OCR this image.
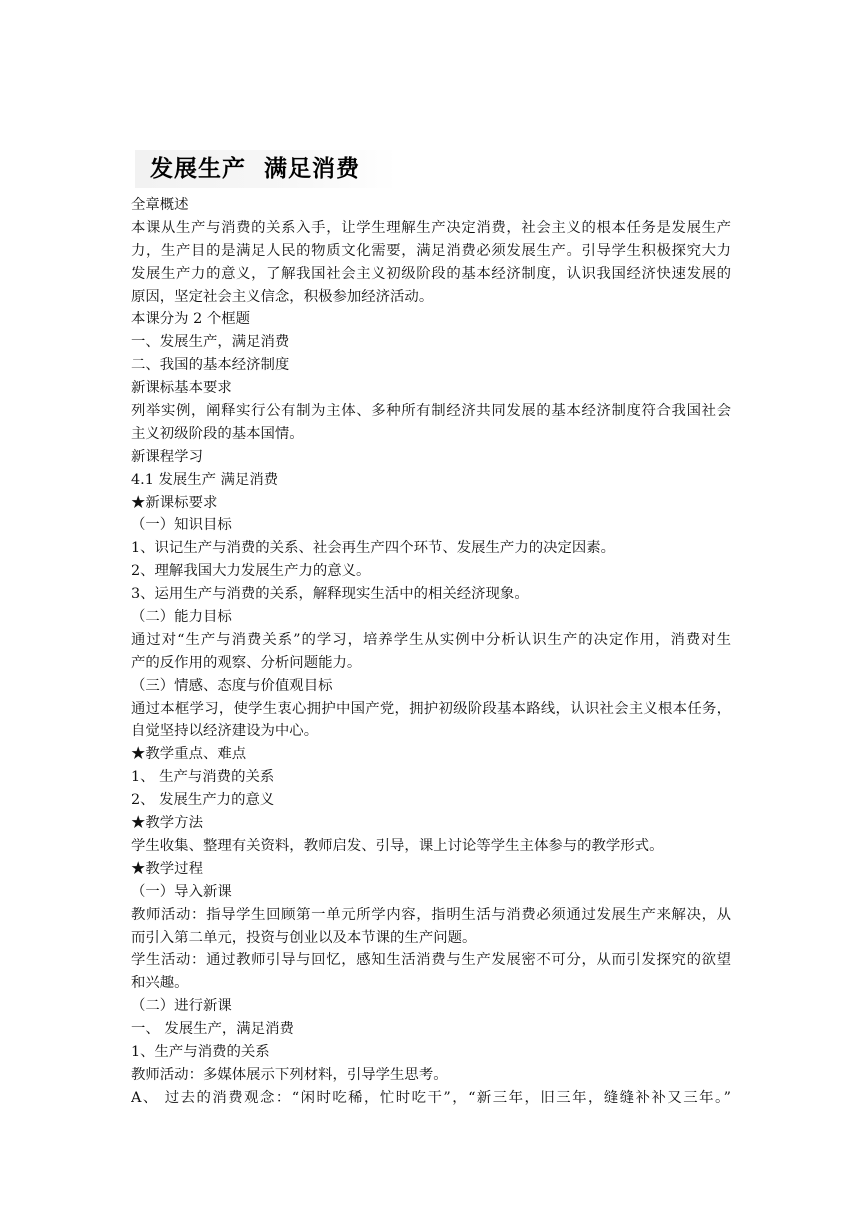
发展生产  满足消费
全章概述
本课从生产与消费的关系入手，让学生理解生产决定消费，社会主义的根本任务是发展生产
力，生产目的是满足人民的物质文化需要，满足消费必须发展生产。引导学生积极探究大力
发展生产力的意义，了解我国社会主义初级阶段的基本经济制度，认识我国经济快速发展的
原因，坚定社会主义信念，积极参加经济活动。
本课分为 2 个框题
一、发展生产，满足消费
二、我国的基本经济制度
新课标基本要求
列举实例，阐释实行公有制为主体、多种所有制经济共同发展的基本经济制度符合我国社会
主义初级阶段的基本国情。
新课程学习
4.1 发展生产 满足消费
★新课标要求
（一）知识目标
1、识记生产与消费的关系、社会再生产四个环节、发展生产力的决定因素。
2、理解我国大力发展生产力的意义。
3、运用生产与消费的关系，解释现实生活中的相关经济现象。
（二）能力目标
通过对“生产与消费关系”的学习，培养学生从实例中分析认识生产的决定作用，消费对生
产的反作用的观察、分析问题能力。
（三）情感、态度与价值观目标
通过本框学习，使学生衷心拥护中国产党，拥护初级阶段基本路线，认识社会主义根本任务，
自觉坚持以经济建设为中心。
★教学重点、难点
1、 生产与消费的关系
2、 发展生产力的意义
★教学方法
学生收集、整理有关资料，教师启发、引导，课上讨论等学生主体参与的教学形式。
★教学过程
（一）导入新课
教师活动：指导学生回顾第一单元所学内容，指明生活与消费必须通过发展生产来解决，从
而引入第二单元，投资与创业以及本节课的生产问题。
学生活动：通过教师引导与回忆，感知生活消费与生产发展密不可分，从而引发探究的欲望
和兴趣。
（二）进行新课
一、 发展生产，满足消费
1、生产与消费的关系
教师活动：多媒体展示下列材料，引导学生思考。
A、 过去的消费观念：“闲时吃稀，忙时吃干”，“新三年，旧三年，缝缝补补又三年。”
